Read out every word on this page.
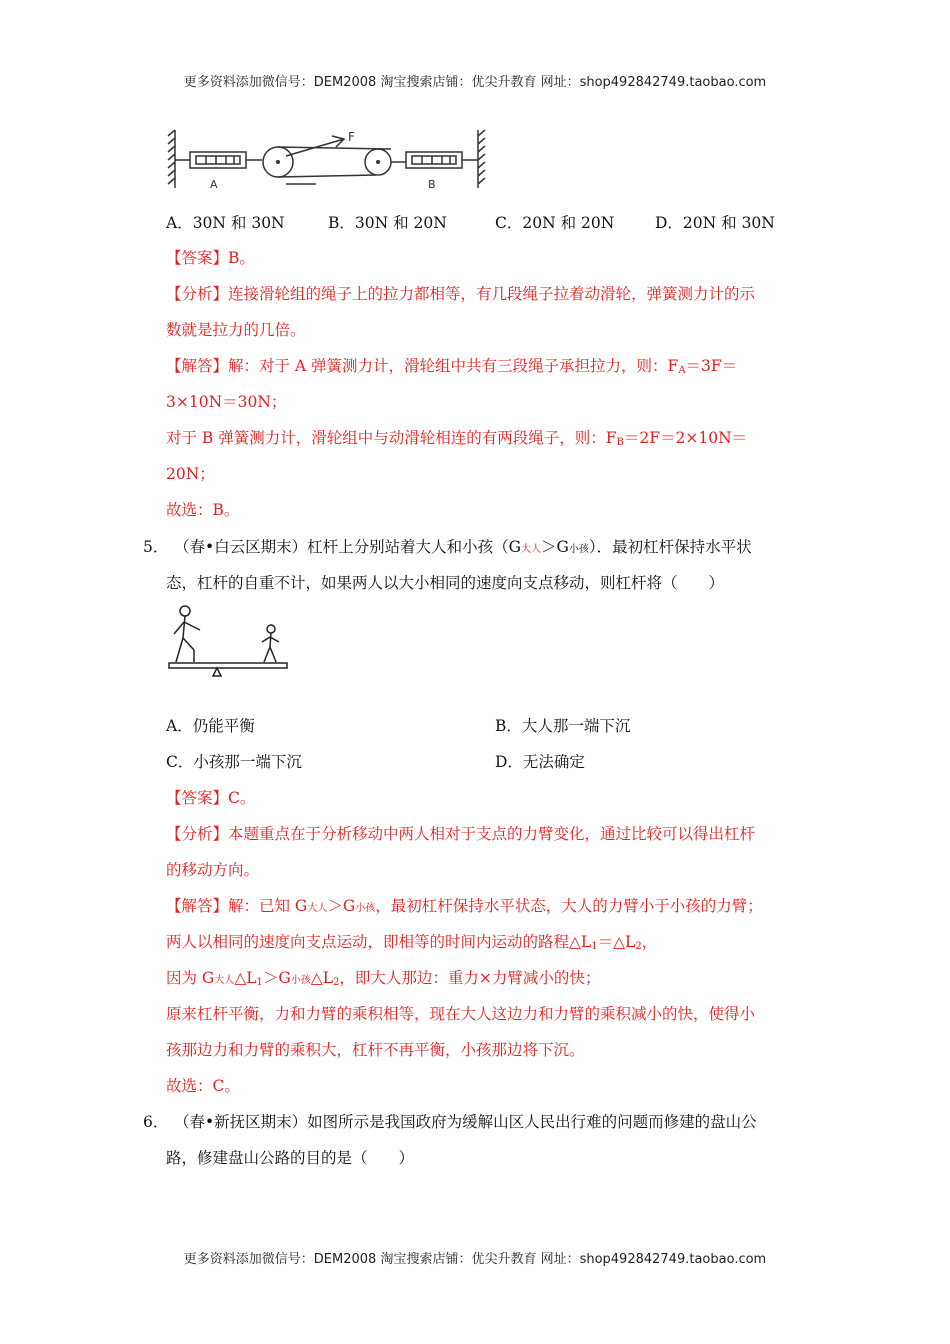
更多资料添加微信号：DEM2008 淘宝搜索店铺：优尖升教育 网址：shop492842749.taobao.com
F
A	B
A．30N 和 30N	B．30N 和 20N	C．20N 和 20N	D．20N 和 30N
【答案】B。
【分析】连接滑轮组的绳子上的拉力都相等，有几段绳子拉着动滑轮，弹簧测力计的示
数就是拉力的几倍。
【解答】解：对于 A 弹簧测力计，滑轮组中共有三段绳子承担拉力，则：$F_A=3F=$
3×10N＝30N；
对于 B 弹簧测力计，滑轮组中与动滑轮相连的有两段绳子，则：$F_B=2F=2\times 10N=$
20N；
故选：B。
5． （春•白云区期末）杠杆上分别站着大人和小孩（G大人＞G小孩）．最初杠杆保持水平状
态，杠杆的自重不计，如果两人以大小相同的速度向支点移动，则杠杆将（　　）
A．仍能平衡	B．大人那一端下沉
C．小孩那一端下沉	D．无法确定
【答案】C。
【分析】本题重点在于分析移动中两人相对于支点的力臂变化，通过比较可以得出杠杆
的移动方向。
【解答】解：已知 G大人＞G小孩，最初杠杆保持水平状态，大人的力臂小于小孩的力臂；
两人以相同的速度向支点运动，即相等的时间内运动的路程$\triangle L_1=\triangle L_2$，
因为 G大人$\triangle L_1>G$小孩$\triangle L_2$，即大人那边：重力×力臂减小的快；
原来杠杆平衡，力和力臂的乘积相等，现在大人这边力和力臂的乘积减小的快，使得小
孩那边力和力臂的乘积大，杠杆不再平衡，小孩那边将下沉。
故选：C。
6． （春•新抚区期末）如图所示是我国政府为缓解山区人民出行难的问题而修建的盘山公
路，修建盘山公路的目的是（　　）
更多资料添加微信号：DEM2008 淘宝搜索店铺：优尖升教育 网址：shop492842749.taobao.com
